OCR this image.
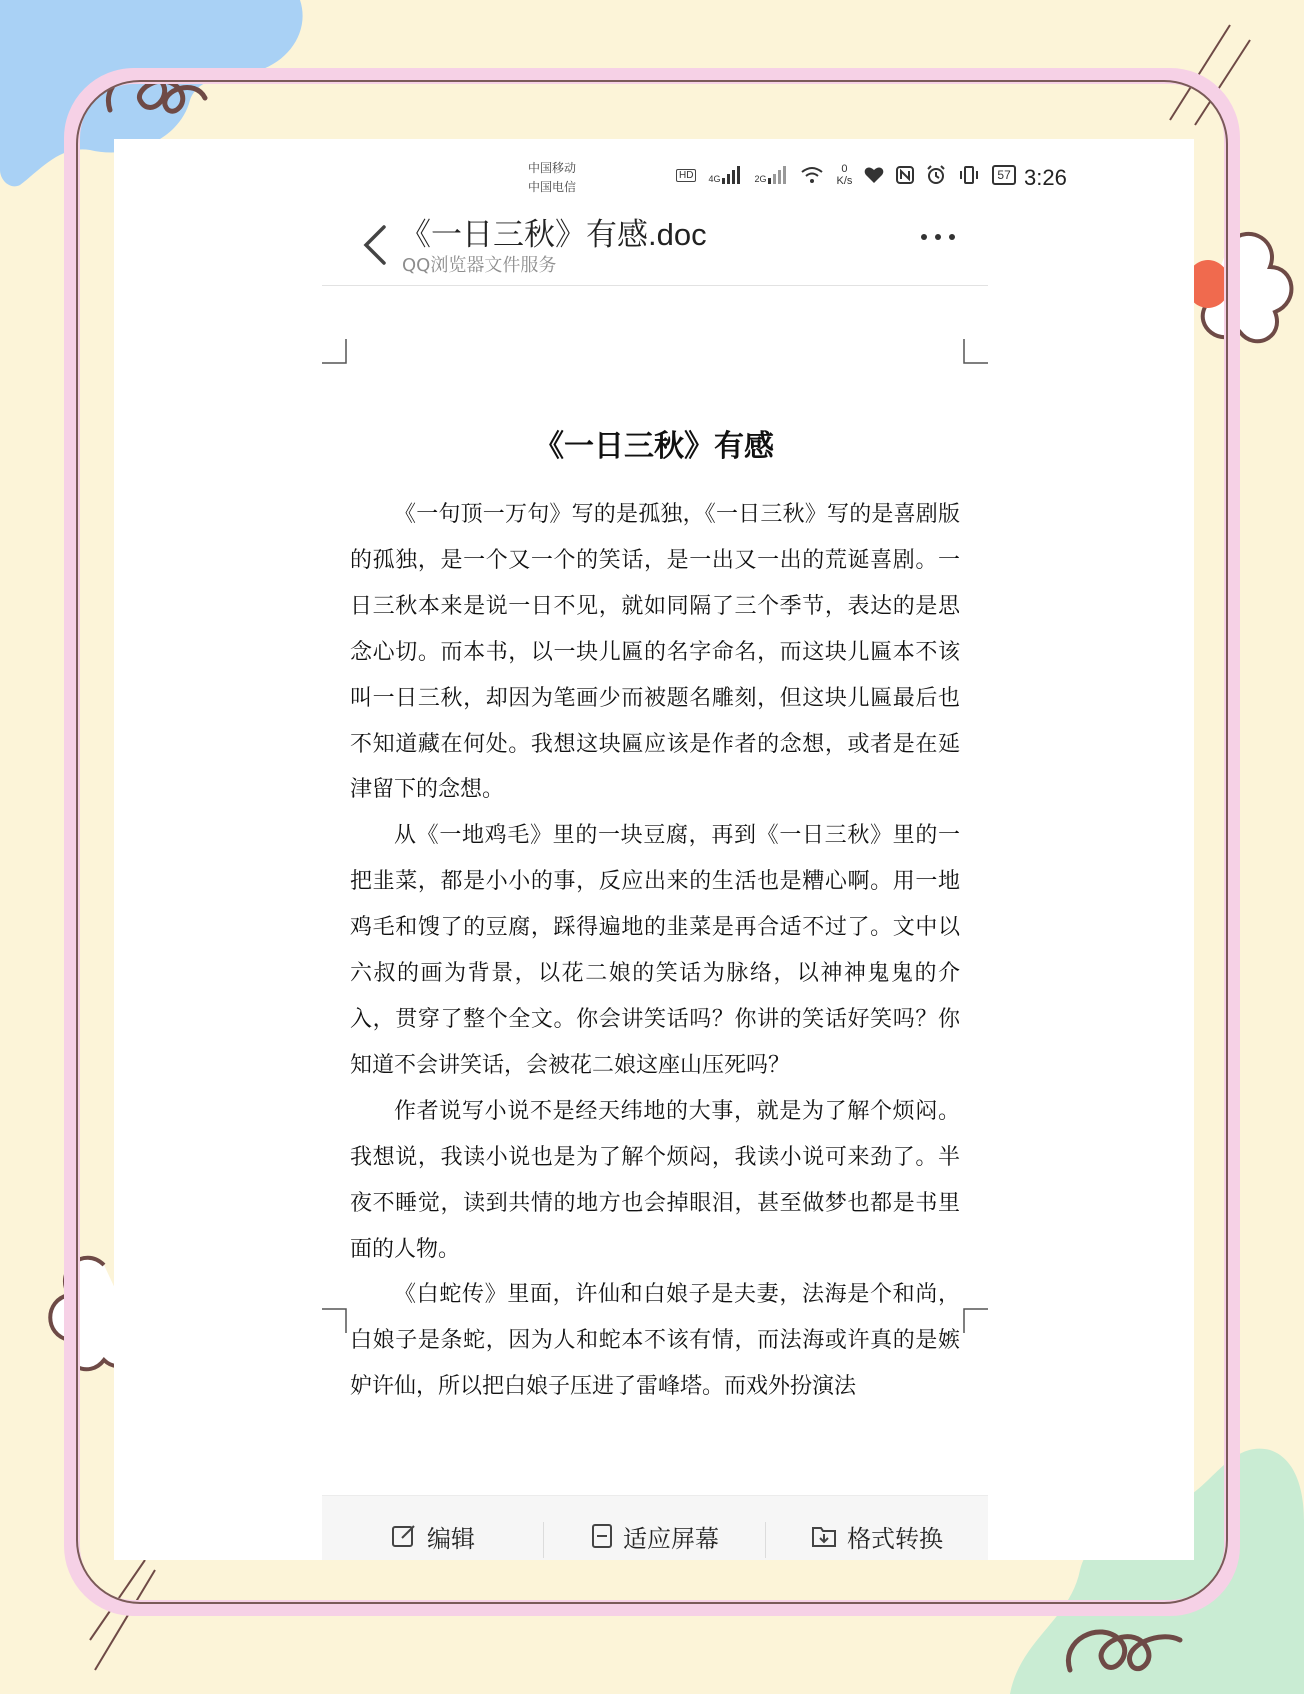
中国移动
中国电信
HD	4G	2G
0
K/s	57 3:26
《一日三秋》有感.doc
QQ浏览器文件服务
《一日三秋》有感

《一句顶一万句》写的是孤独，《一日三秋》写的是喜剧版的孤独，是一个又一个的笑话，是一出又一出的荒诞喜剧。一日三秋本来是说一日不见，就如同隔了三个季节，表达的是思念心切。而本书，以一块儿匾的名字命名，而这块儿匾本不该叫一日三秋，却因为笔画少而被题名雕刻，但这块儿匾最后也不知道藏在何处。我想这块匾应该是作者的念想，或者是在延津留下的念想。

从《一地鸡毛》里的一块豆腐，再到《一日三秋》里的一把韭菜，都是小小的事，反应出来的生活也是糟心啊。用一地鸡毛和馊了的豆腐，踩得遍地的韭菜是再合适不过了。文中以六叔的画为背景，以花二娘的笑话为脉络，以神神鬼鬼的介入，贯穿了整个全文。你会讲笑话吗？你讲的笑话好笑吗？你知道不会讲笑话，会被花二娘这座山压死吗？

作者说写小说不是经天纬地的大事，就是为了解个烦闷。我想说，我读小说也是为了解个烦闷，我读小说可来劲了。半夜不睡觉，读到共情的地方也会掉眼泪，甚至做梦也都是书里面的人物。

《白蛇传》里面，许仙和白娘子是夫妻，法海是个和尚，白娘子是条蛇，因为人和蛇本不该有情，而法海或许真的是嫉妒许仙，所以把白娘子压进了雷峰塔。而戏外扮演法

编辑	适应屏幕	格式转换
